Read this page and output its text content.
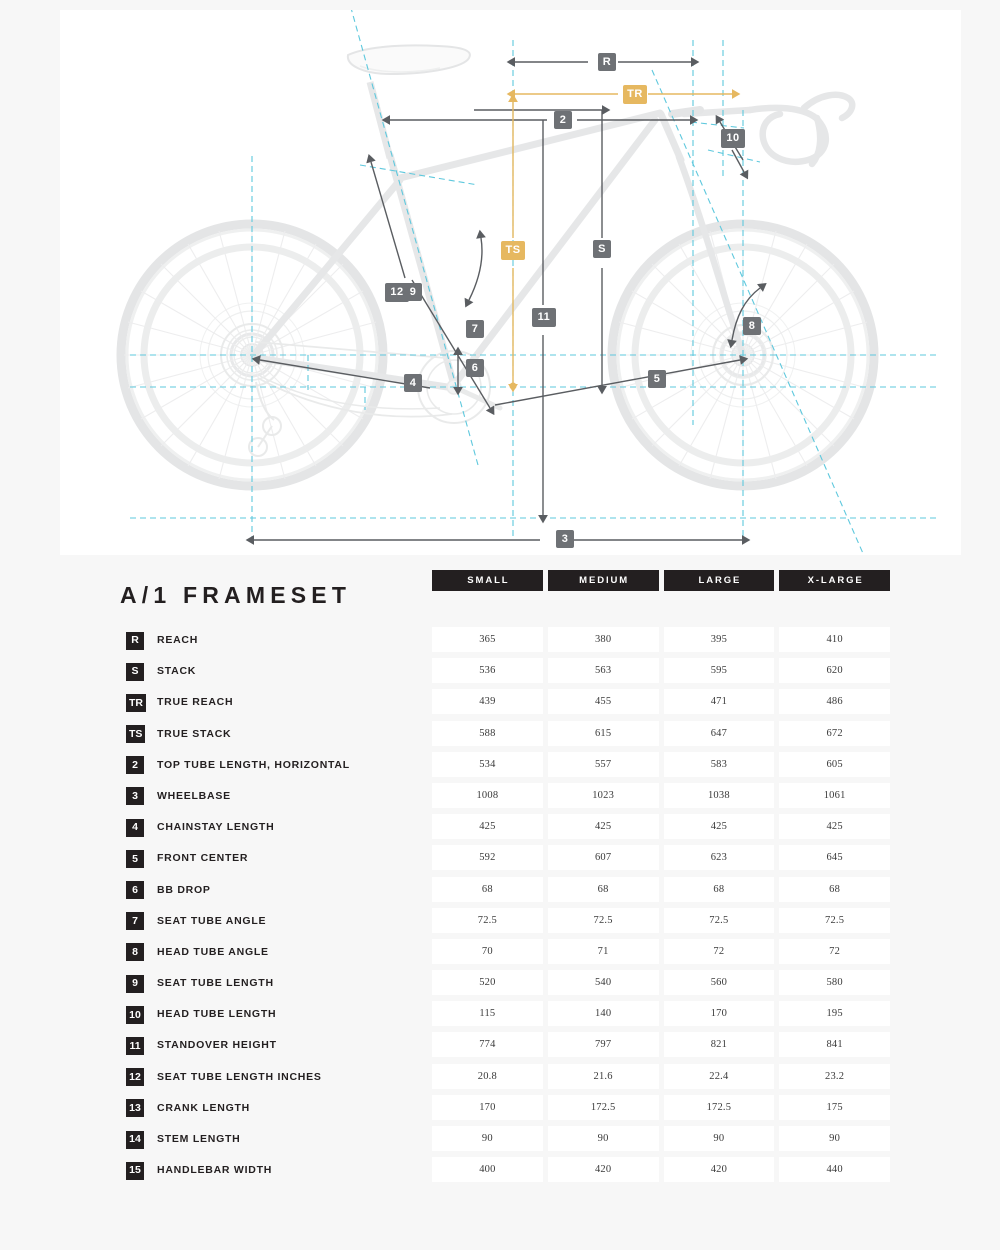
R
TR
TS	S
2
3
4	5
6
7	8
9
10
11
12
A/1 FRAMESET
SMALL	MEDIUM	LARGE	X-LARGE
R	REACH	365	380	395	410
S	STACK	536	563	595	620
TR TRUE REACH	439	455	471	486
TS TRUE STACK	588	615	647	672
2	TOP TUBE LENGTH, HORIZONTAL	534	557	583	605
3	WHEELBASE	1008	1023	1038	1061
4	CHAINSTAY LENGTH	425	425	425	425
5	FRONT CENTER	592	607	623	645
6	BB DROP	68	68	68	68
7	SEAT TUBE ANGLE	72.5	72.5	72.5	72.5
8	HEAD TUBE ANGLE	70	71	72	72
9	SEAT TUBE LENGTH	520	540	560	580
10	HEAD TUBE LENGTH	115	140	170	195
11	STANDOVER HEIGHT	774	797	821	841
12	SEAT TUBE LENGTH INCHES	20.8	21.6	22.4	23.2
13	CRANK LENGTH	170	172.5	172.5	175
14	STEM LENGTH	90	90	90	90
15	HANDLEBAR WIDTH	400	420	420	440
